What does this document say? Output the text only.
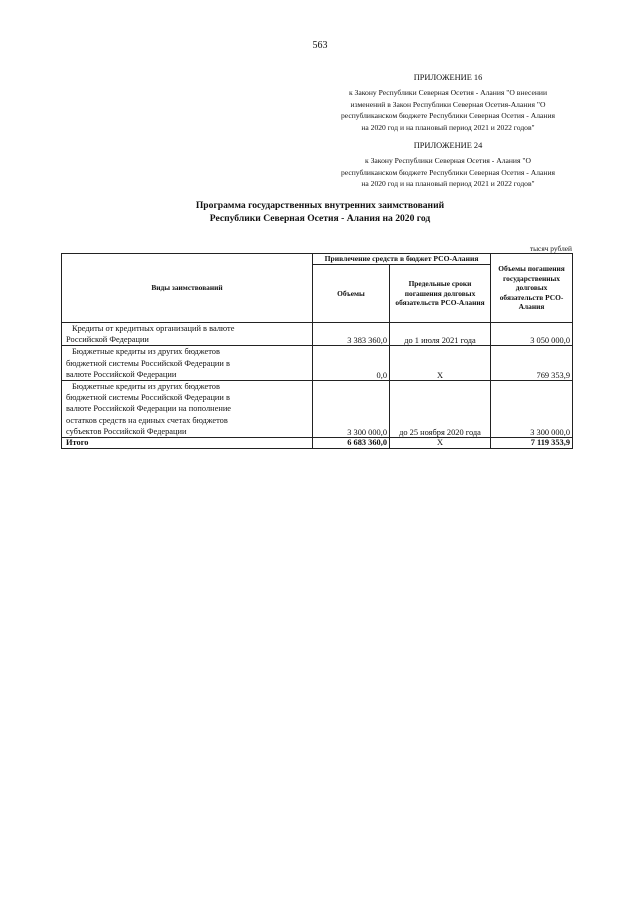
563
ПРИЛОЖЕНИЕ 16
к Закону Республики Северная Осетия - Алания "О внесении
изменений в Закон Республики Северная Осетия-Алания "О
республиканском бюджете Республики Северная Осетия - Алания
на 2020 год и на плановый период 2021 и 2022 годов"
ПРИЛОЖЕНИЕ 24
к Закону Республики Северная Осетия - Алания "О
республиканском бюджете Республики Северная Осетия - Алания
на 2020 год и на плановый период 2021 и 2022 годов"
Программа государственных внутренних заимствований
Республики Северная Осетия - Алания на 2020 год
тысяч рублей
Виды заимствований	Привлечение средств в бюджет РСО-Алания		Объемы погашения государственных долговых обязательств РСО-Алания
	Объемы	Предельные сроки погашения долговых обязательств РСО-Алания	

Кредиты от кредитных организаций в валюте
Российской Федерации	3 383 360,0	до 1 июля 2021 года	3 050 000,0

Бюджетные кредиты из других бюджетов
бюджетной системы Российской Федерации в
валюте Российской Федерации	0,0	Х	769 353,9

Бюджетные кредиты из других бюджетов
бюджетной системы Российской Федерации в
валюте Российской Федерации на пополнение
остатков средств на единых счетах бюджетов
субъектов Российской Федерации	3 300 000,0	до 25 ноября 2020 года	3 300 000,0
Итого	6 683 360,0	Х	7 119 353,9
